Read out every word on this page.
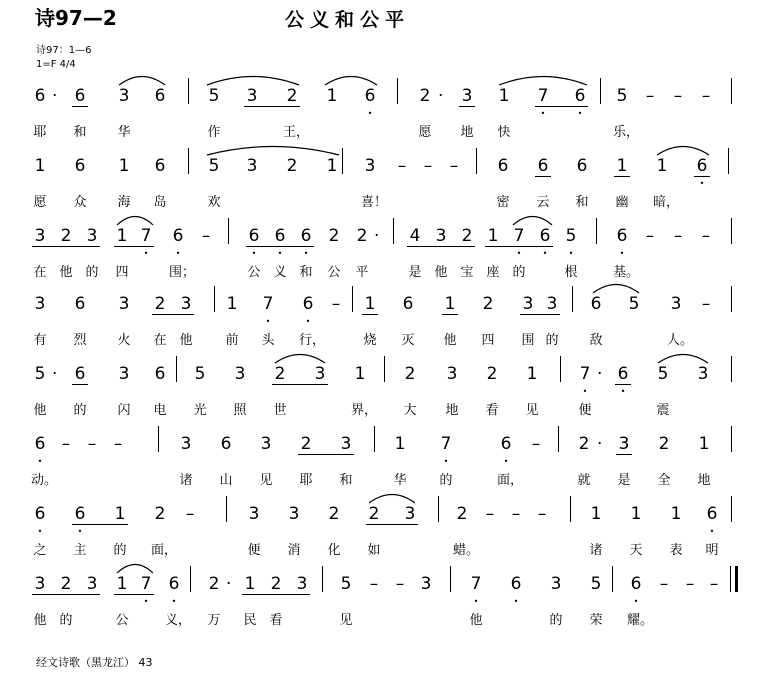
诗97—2	公义和公平
诗97：1—6
1=F 4/4
6 · 6 3 6	5 3 2 1 6
•
2 · 3 1 7
•
6
•
5 – – –
耶 和 华	作	王，	愿 地 快	乐，
1 6 1 6	5 3 2 1 3 – – – 6 6 6 1 1 6
•
愿 众 海 岛	欢	喜！	密 云 和 幽 暗，
3 2 3 1 7
•
6
•
– 6
•
6
•
6
•
2 2 · 4 3 2 1 7
•
6
•
5
•
6
•
– – –
在 他 的 四	围；	公 义 和 公 平	是 他 宝 座 的	根	基。
3 6 3 2 3 1 7
•
6
•
– 1 6 1 2 3 3 6 5 3 –
有 烈 火 在 他	前 头 行，	烧 灭 他 四 围 的 敌	人。
5 · 6 3 6 5 3 2 3 1 2 3 2 1 7
•
· 6
•
5 3
他 的 闪 电 光 照 世	界， 大 地 看 见	便	震
6
•
– – –	3 6 3 2 3	1 7
•
6
•
– 2 · 3 2 1
动。	诸 山 见 耶 和	华	的	面，	就 是 全 地
6
•
6
•
1 2 –	3 3 2 2 3 2 – – –	1 1 1 6
•
之 主 的 面，	便 消 化 如	蜡。	诸 天 表 明
3 2 3 1 7
•
6
•
2 · 1 2 3 5 – – 3 7
•
6
•
3 5 6
•
– – –
他 的	公	义， 万 民 看	见	他	的 荣 耀。
经文诗歌（黑龙江） 43
